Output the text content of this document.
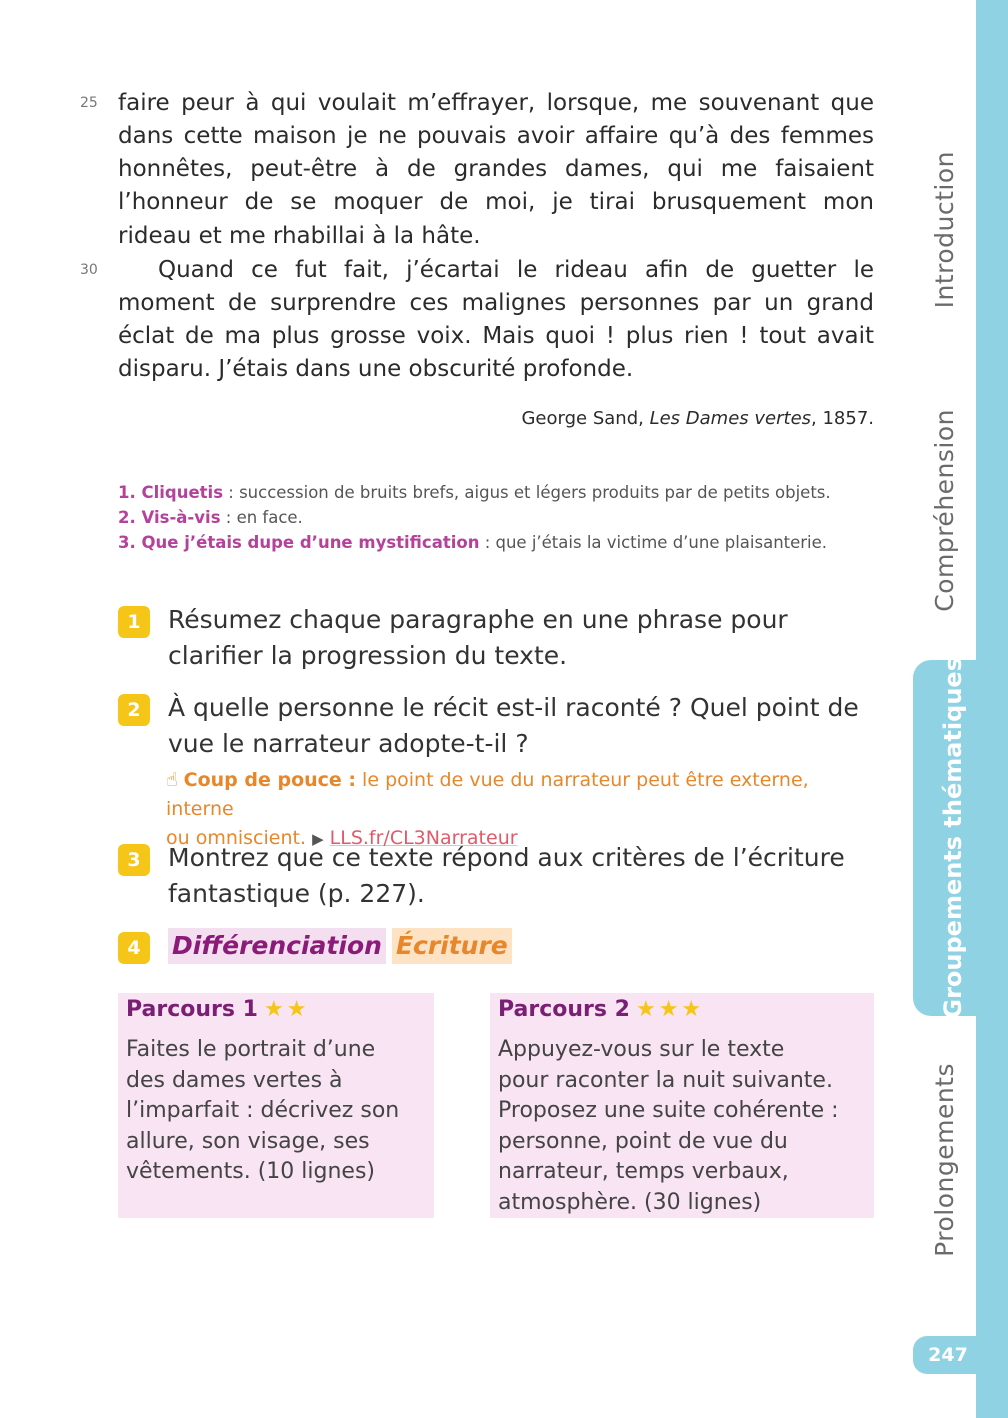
Introduction
Compréhension
Groupements thématiques
Prolongements
247
25
30
faire peur à qui voulait m’effrayer, lorsque, me souvenant que
dans cette maison je ne pouvais avoir affaire qu’à des femmes
honnêtes, peut-être à de grandes dames, qui me faisaient
l’honneur de se moquer de moi, je tirai brusquement mon
rideau et me rhabillai à la hâte.
Quand ce fut fait, j’écartai le rideau afin de guetter le
moment de surprendre ces malignes personnes par un grand
éclat de ma plus grosse voix. Mais quoi ! plus rien ! tout avait
disparu. J’étais dans une obscurité profonde.
George Sand, Les Dames vertes, 1857.
1. Cliquetis : succession de bruits brefs, aigus et légers produits par de petits objets.
2. Vis-à-vis : en face.
3. Que j’étais dupe d’une mystification : que j’étais la victime d’une plaisanterie.
1	Résumez chaque paragraphe en une phrase pour
clarifier la progression du texte.
2	À quelle personne le récit est-il raconté ? Quel point de
vue le narrateur adopte-t-il ?
☝ Coup de pouce : le point de vue du narrateur peut être externe, interne
ou omniscient. ▶ LLS.fr/CL3Narrateur
3	Montrez que ce texte répond aux critères de l’écriture
fantastique (p. 227).
4	Différenciation Écriture
Parcours 1 ★★
Faites le portrait d’une
des dames vertes à
l’imparfait : décrivez son
allure, son visage, ses
vêtements. (10 lignes)
Parcours 2 ★★★
Appuyez-vous sur le texte
pour raconter la nuit suivante.
Proposez une suite cohérente :
personne, point de vue du
narrateur, temps verbaux,
atmosphère. (30 lignes)
